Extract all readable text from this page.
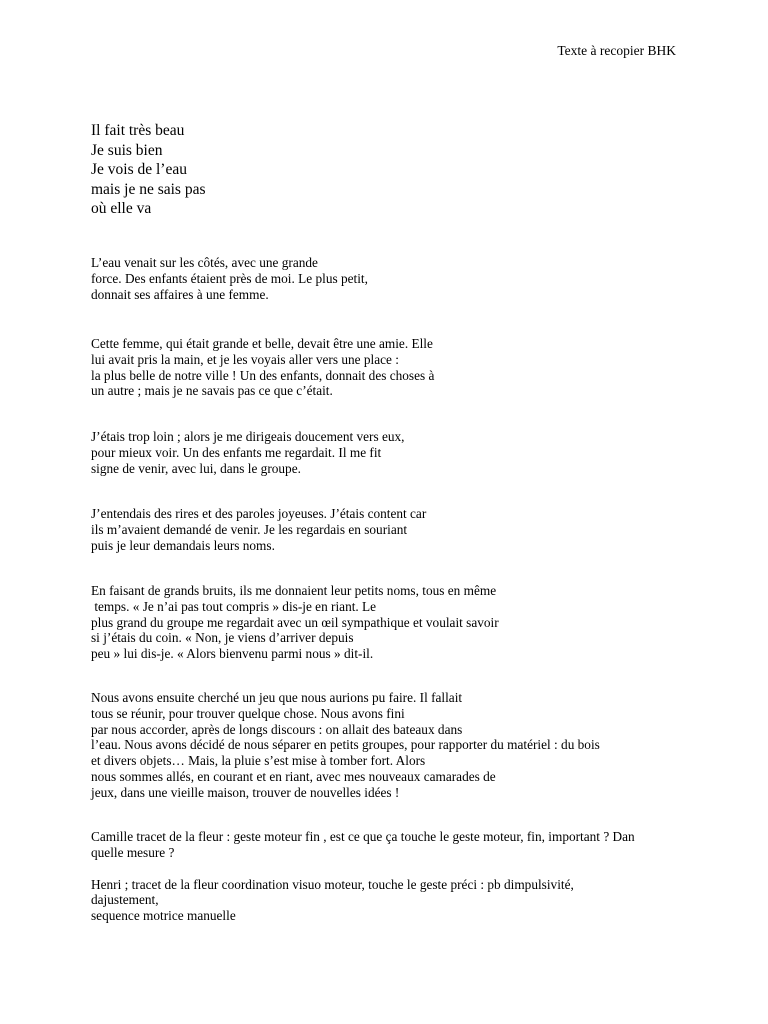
Texte à recopier BHK
Il fait très beau
Je suis bien
Je vois de l’eau
mais je ne sais pas
où elle va
L’eau venait sur les côtés, avec une grande
force. Des enfants étaient près de moi. Le plus petit,
donnait ses affaires à une femme.
Cette femme, qui était grande et belle, devait être une amie. Elle
lui avait pris la main, et je les voyais aller vers une place :
la plus belle de notre ville ! Un des enfants, donnait des choses à
un autre ; mais je ne savais pas ce que c’était.
J’étais trop loin ; alors je me dirigeais doucement vers eux,
pour mieux voir. Un des enfants me regardait. Il me fit
signe de venir, avec lui, dans le groupe.
J’entendais des rires et des paroles joyeuses. J’étais content car
ils m’avaient demandé de venir. Je les regardais en souriant
puis je leur demandais leurs noms.
En faisant de grands bruits, ils me donnaient leur petits noms, tous en même
temps. « Je n’ai pas tout compris » dis-je en riant. Le
plus grand du groupe me regardait avec un œil sympathique et voulait savoir
si j’étais du coin. « Non, je viens d’arriver depuis
peu » lui dis-je. « Alors bienvenu parmi nous » dit-il.
Nous avons ensuite cherché un jeu que nous aurions pu faire. Il fallait
tous se réunir, pour trouver quelque chose. Nous avons fini
par nous accorder, après de longs discours : on allait des bateaux dans
l’eau. Nous avons décidé de nous séparer en petits groupes, pour rapporter du matériel : du bois
et divers objets… Mais, la pluie s’est mise à tomber fort. Alors
nous sommes allés, en courant et en riant, avec mes nouveaux camarades de
jeux, dans une vieille maison, trouver de nouvelles idées !

Camille tracet de la fleur : geste moteur fin , est ce que ça touche le geste moteur, fin, important ? Dan
quelle mesure ?

Henri ; tracet de la fleur coordination visuo moteur, touche le geste préci : pb dimpulsivité,
dajustement,
sequence motrice manuelle
